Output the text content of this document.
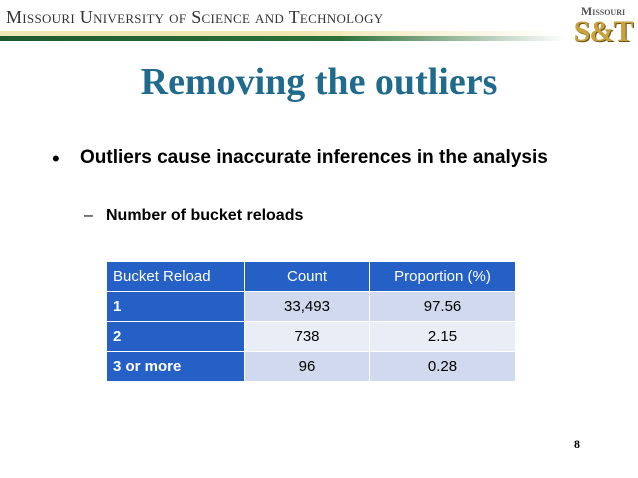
Missouri University of Science and Technology	Missouri
S&T
Removing the outliers
•	Outliers cause inaccurate inferences in the analysis
– Number of bucket reloads
Bucket Reload	Count	Proportion (%)
1	33,493	97.56
2	738	2.15
3 or more	96	0.28
8
